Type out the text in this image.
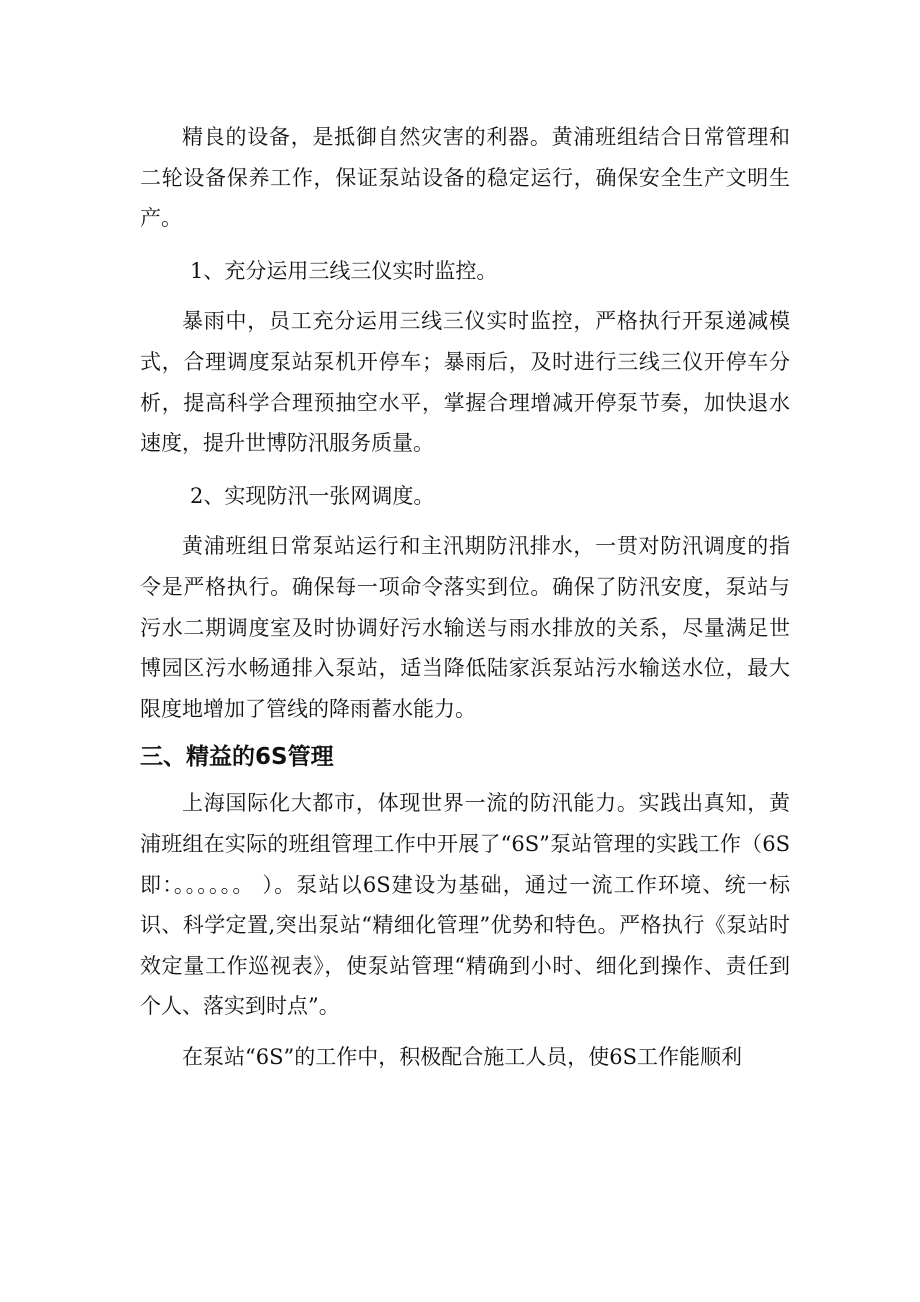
精良的设备，是抵御自然灾害的利器。黄浦班组结合日常管理和二轮设备保养工作，保证泵站设备的稳定运行，确保安全生产文明生产。

1、充分运用三线三仪实时监控。

暴雨中，员工充分运用三线三仪实时监控，严格执行开泵递减模式，合理调度泵站泵机开停车；暴雨后，及时进行三线三仪开停车分析，提高科学合理预抽空水平，掌握合理增减开停泵节奏，加快退水速度，提升世博防汛服务质量。

2、实现防汛一张网调度。

黄浦班组日常泵站运行和主汛期防汛排水，一贯对防汛调度的指令是严格执行。确保每一项命令落实到位。确保了防汛安度，泵站与污水二期调度室及时协调好污水输送与雨水排放的关系，尽量满足世博园区污水畅通排入泵站，适当降低陆家浜泵站污水输送水位，最大限度地增加了管线的降雨蓄水能力。

三、精益的6S管理

上海国际化大都市，体现世界一流的防汛能力。实践出真知，黄浦班组在实际的班组管理工作中开展了“6S”泵站管理的实践工作（6S即：。。。。。。 ）。泵站以6S建设为基础，通过一流工作环境、统一标识、科学定置,突出泵站“精细化管理”优势和特色。严格执行《泵站时效定量工作巡视表》，使泵站管理“精确到小时、细化到操作、责任到个人、落实到时点”。

在泵站“6S”的工作中，积极配合施工人员，使6S工作能顺利
